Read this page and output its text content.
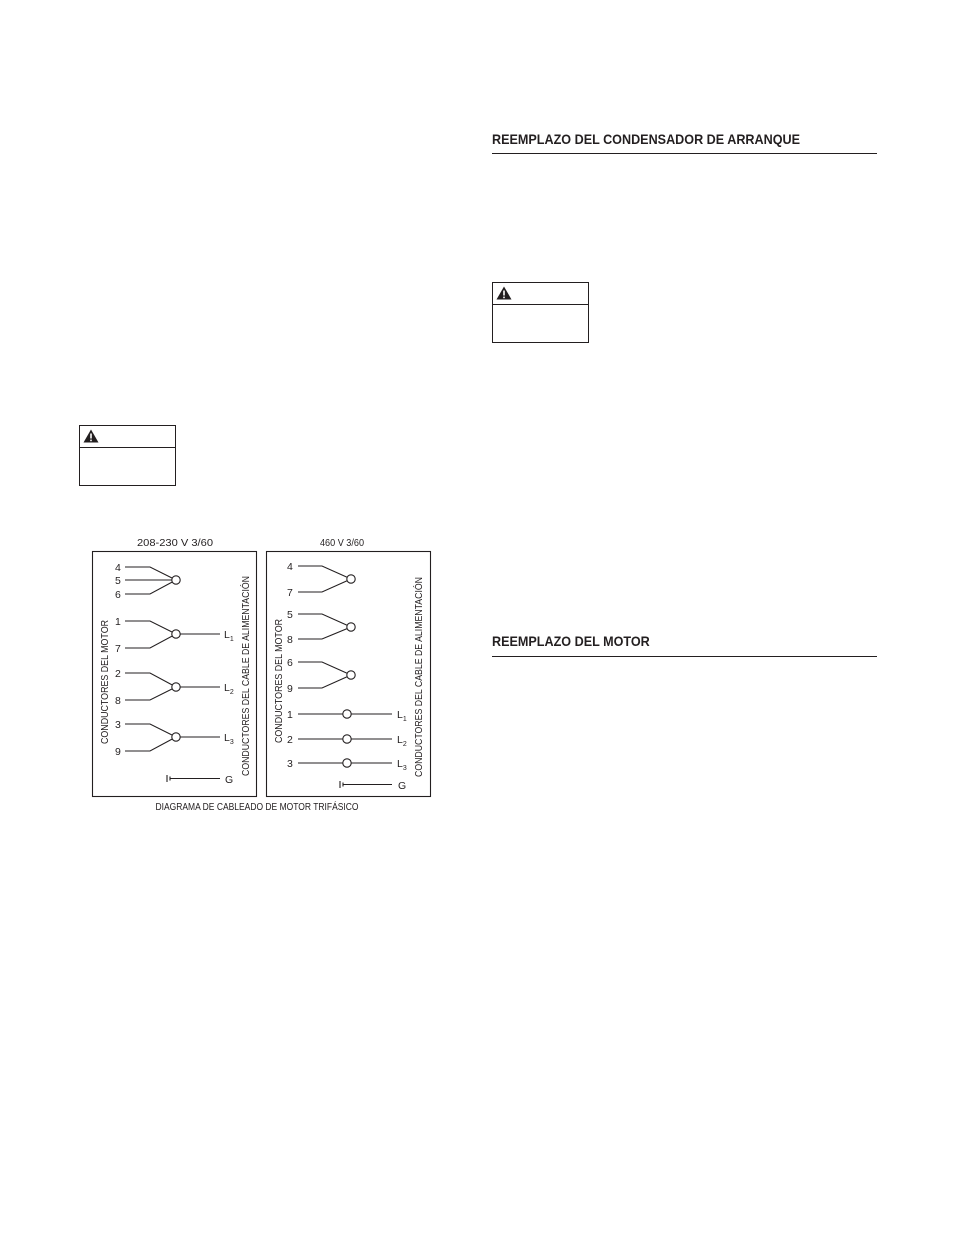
REEMPLAZO DEL CONDENSADOR DE ARRANQUE
REEMPLAZO DEL MOTOR
208-230 V 3/60	460 V 3/60
DIAGRAMA DE CABLEADO DE MOTOR TRIFÁSICO
4
5
6
1
7
2
8
3
9
$L_1$
$L_2$
$L_3$
G
4
7
5
8
6
9
1
2
3
$L_1$
$L_2$
$L_3$
G
CONDUCTORES DEL MOTOR	CONDUCTORES DEL CABLE DE ALIMENTACIÓN CONDUCTORES DEL MOTOR	CONDUCTORES DEL CABLE DE ALIMENTACIÓN
